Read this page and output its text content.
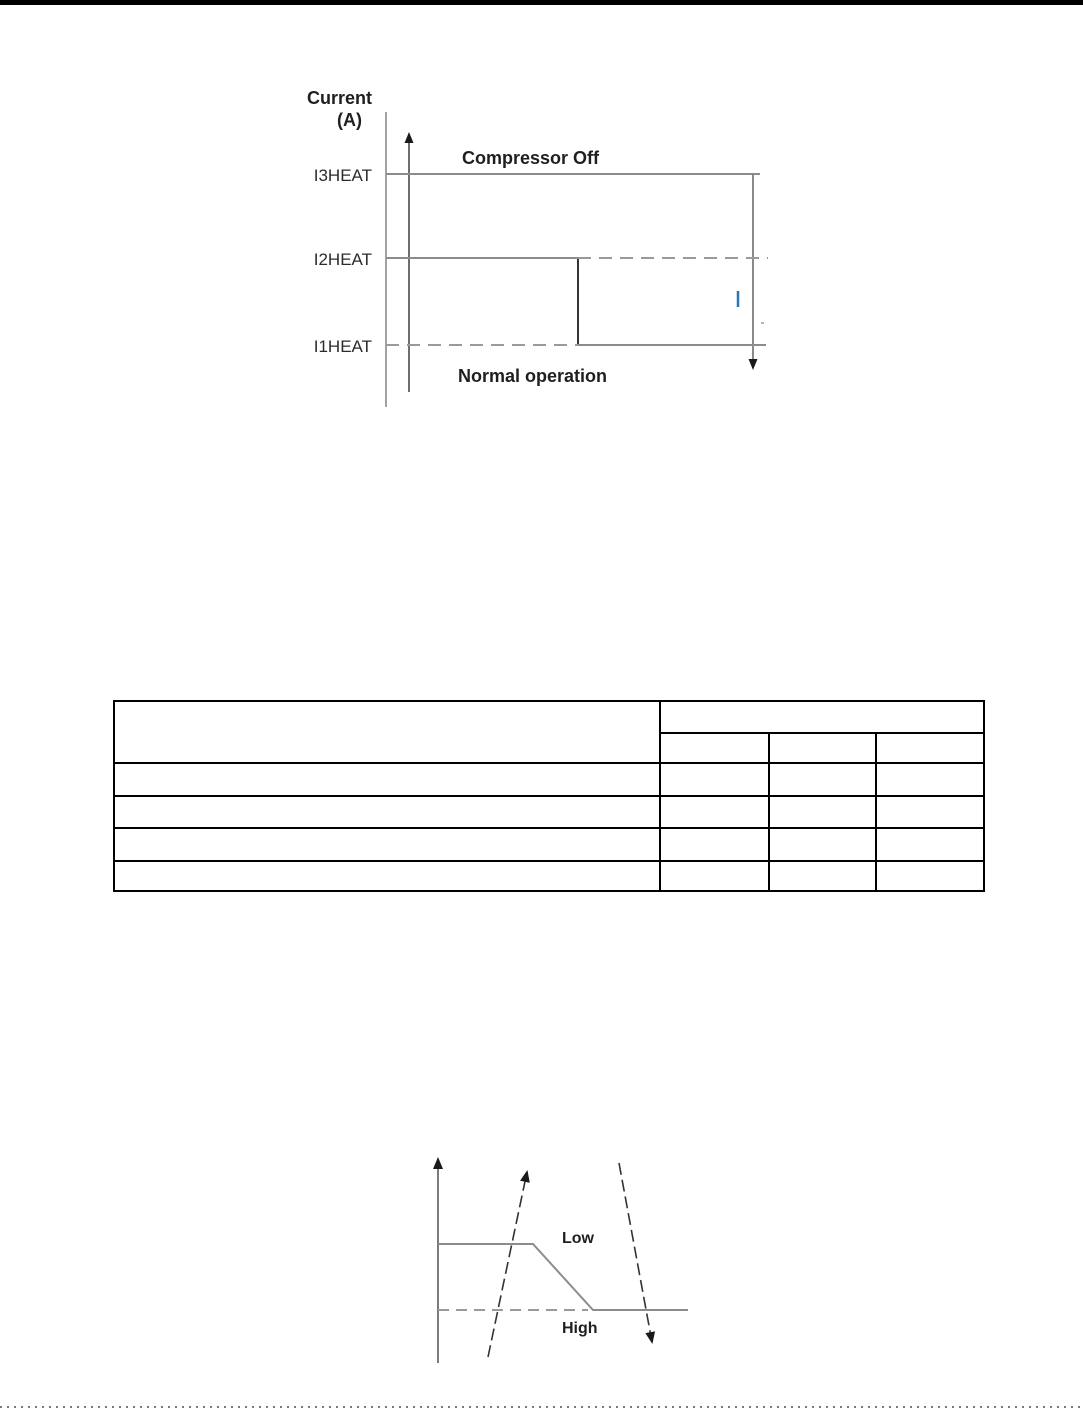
Current
(A)
I3HEAT
I2HEAT
I1HEAT
Compressor Off
Normal operation

Low
High
